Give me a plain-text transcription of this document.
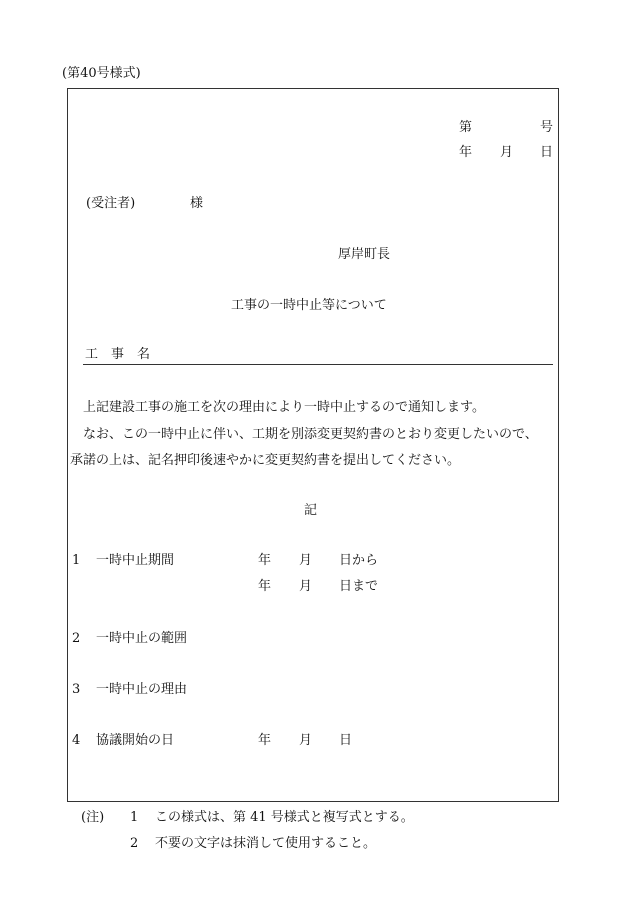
(第40号様式)
第	号
年 月 日
(受注者)	様
厚岸町長
工事の一時中止等について
工 事 名
上記建設工事の施工を次の理由により一時中止するので通知します。
なお、この一時中止に伴い、工期を別添変更契約書のとおり変更したいので、
承諾の上は、記名押印後速やかに変更契約書を提出してください。
記
1 一時中止期間	年 月 日から
年 月 日まで
2 一時中止の範囲
3 一時中止の理由
4 協議開始の日	年 月 日
(注) 1 この様式は、第 41 号様式と複写式とする。
2 不要の文字は抹消して使用すること。
